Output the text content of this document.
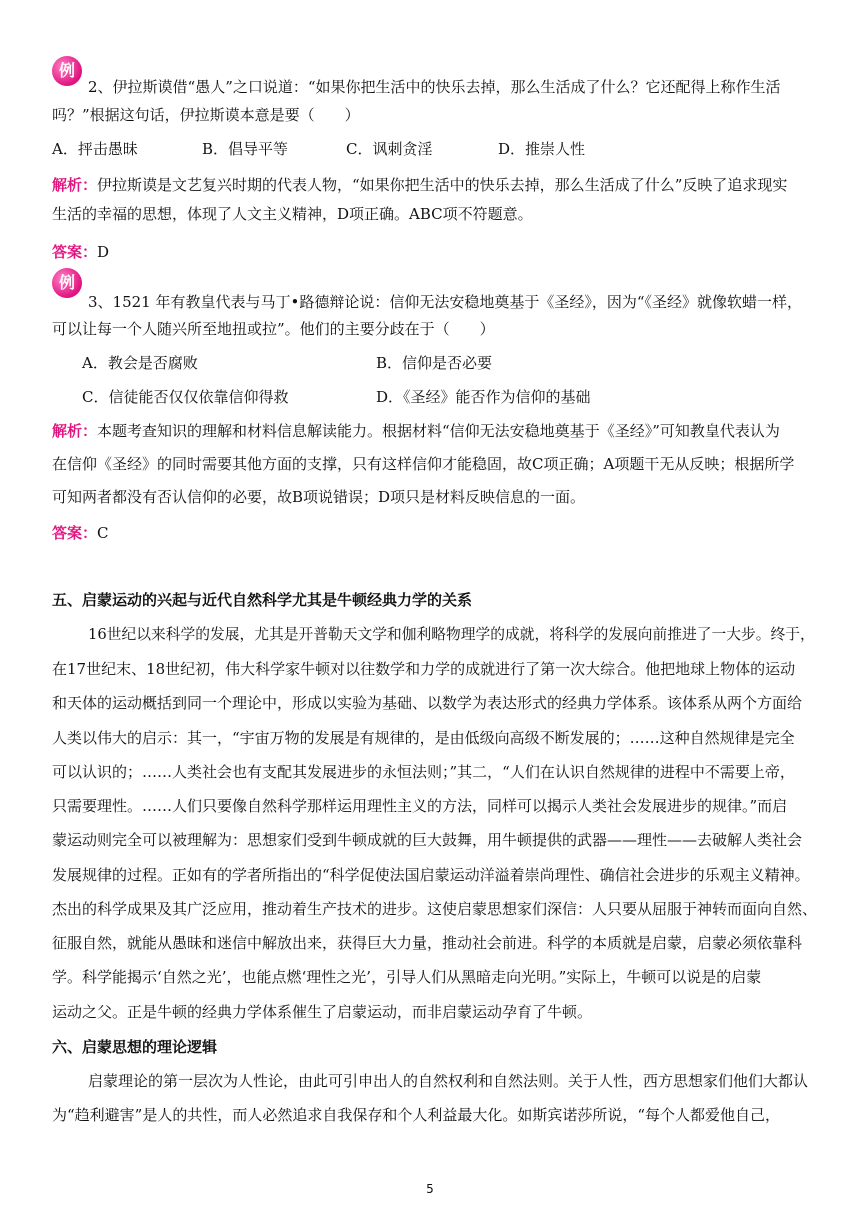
例
2、伊拉斯谟借“愚人”之口说道：“如果你把生活中的快乐去掉，那么生活成了什么？它还配得上称作生活
吗？”根据这句话，伊拉斯谟本意是要（　　）
A．抨击愚昧	B．倡导平等	C．讽刺贪淫	D．推崇人性
解析：伊拉斯谟是文艺复兴时期的代表人物，“如果你把生活中的快乐去掉，那么生活成了什么”反映了追求现实
生活的幸福的思想，体现了人文主义精神，D项正确。ABC项不符题意。
答案：D
例
3、1521 年有教皇代表与马丁•路德辩论说：信仰无法安稳地奠基于《圣经》，因为“《圣经》就像软蜡一样，
可以让每一个人随兴所至地扭或拉”。他们的主要分歧在于（　　）
A．教会是否腐败	B．信仰是否必要
C．信徒能否仅仅依靠信仰得救	D．《圣经》能否作为信仰的基础
解析：本题考查知识的理解和材料信息解读能力。根据材料“信仰无法安稳地奠基于《圣经》”可知教皇代表认为
在信仰《圣经》的同时需要其他方面的支撑，只有这样信仰才能稳固，故C项正确；A项题干无从反映；根据所学
可知两者都没有否认信仰的必要，故B项说错误；D项只是材料反映信息的一面。
答案：C
五、启蒙运动的兴起与近代自然科学尤其是牛顿经典力学的关系
16世纪以来科学的发展，尤其是开普勒天文学和伽利略物理学的成就，将科学的发展向前推进了一大步。终于，
在17世纪末、18世纪初，伟大科学家牛顿对以往数学和力学的成就进行了第一次大综合。他把地球上物体的运动
和天体的运动概括到同一个理论中，形成以实验为基础、以数学为表达形式的经典力学体系。该体系从两个方面给
人类以伟大的启示：其一，“宇宙万物的发展是有规律的，是由低级向高级不断发展的；……这种自然规律是完全
可以认识的；……人类社会也有支配其发展进步的永恒法则；”其二，“人们在认识自然规律的进程中不需要上帝，
只需要理性。……人们只要像自然科学那样运用理性主义的方法，同样可以揭示人类社会发展进步的规律。”而启
蒙运动则完全可以被理解为：思想家们受到牛顿成就的巨大鼓舞，用牛顿提供的武器——理性——去破解人类社会
发展规律的过程。正如有的学者所指出的“科学促使法国启蒙运动洋溢着崇尚理性、确信社会进步的乐观主义精神。
杰出的科学成果及其广泛应用，推动着生产技术的进步。这使启蒙思想家们深信：人只要从屈服于神转而面向自然、
征服自然，就能从愚昧和迷信中解放出来，获得巨大力量，推动社会前进。科学的本质就是启蒙，启蒙必须依靠科
学。科学能揭示‘自然之光’，也能点燃‘理性之光’，引导人们从黑暗走向光明。”实际上，牛顿可以说是的启蒙
运动之父。正是牛顿的经典力学体系催生了启蒙运动，而非启蒙运动孕育了牛顿。
六、启蒙思想的理论逻辑
启蒙理论的第一层次为人性论，由此可引申出人的自然权利和自然法则。关于人性，西方思想家们他们大都认
为“趋利避害”是人的共性，而人必然追求自我保存和个人利益最大化。如斯宾诺莎所说，“每个人都爱他自己，
5
